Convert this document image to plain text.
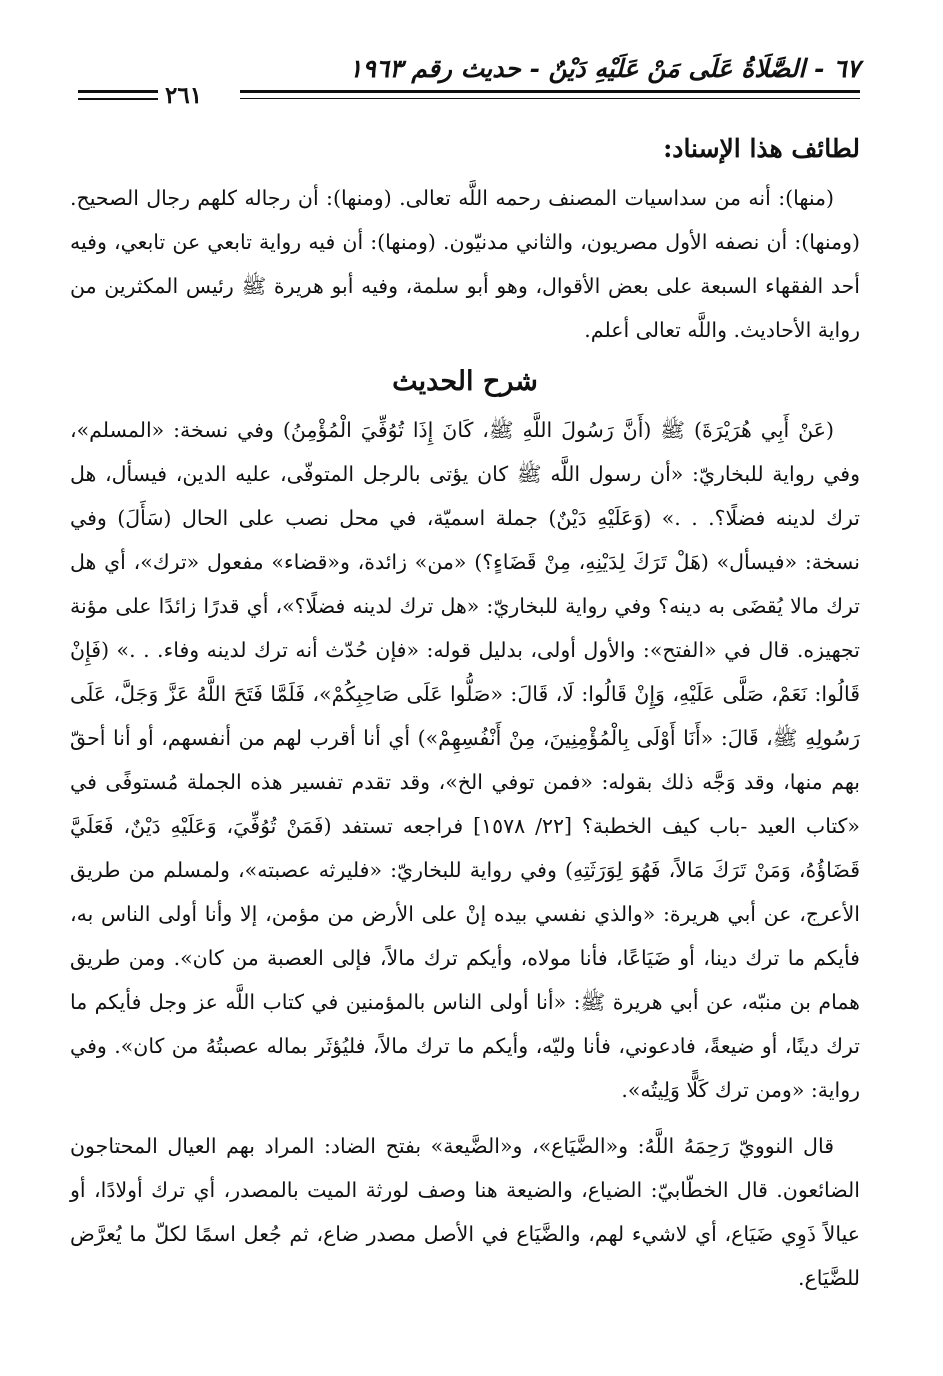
٦٧ - الصَّلَاةُ عَلَى مَنْ عَلَيْهِ دَيْنٌ - حديث رقم ١٩٦٣
٢٦١
لطائف هذا الإسناد:

(منها): أنه من سداسيات المصنف رحمه اللَّه تعالى. (ومنها): أن رجاله كلهم رجال الصحيح. (ومنها): أن نصفه الأول مصريون، والثاني مدنيّون. (ومنها): أن فيه رواية تابعي عن تابعي، وفيه أحد الفقهاء السبعة على بعض الأقوال، وهو أبو سلمة، وفيه أبو هريرة ﷺ رئيس المكثرين من رواية الأحاديث. واللَّه تعالى أعلم.

شرح الحديث

(عَنْ أَبِي هُرَيْرَةَ) ﷺ (أَنَّ رَسُولَ اللَّهِ ﷺ، كَانَ إِذَا تُوُفِّيَ الْمُؤْمِنُ) وفي نسخة: «المسلم»، وفي رواية للبخاريّ: «أن رسول اللَّه ﷺ كان يؤتى بالرجل المتوفّى، عليه الدين، فيسأل، هل ترك لدينه فضلًا؟. . .» (وَعَلَيْهِ دَيْنٌ) جملة اسميّة، في محل نصب على الحال (سَأَلَ) وفي نسخة: «فيسأل» (هَلْ تَرَكَ لِدَيْنِهِ، مِنْ قَضَاءٍ؟) «من» زائدة، و«قضاء» مفعول «ترك»، أي هل ترك مالا يُقضَى به دينه؟ وفي رواية للبخاريّ: «هل ترك لدينه فضلًا؟»، أي قدرًا زائدًا على مؤنة تجهيزه. قال في «الفتح»: والأول أولى، بدليل قوله: «فإن حُدّث أنه ترك لدينه وفاء. . .» (فَإِنْ قَالُوا: نَعَمْ، صَلَّى عَلَيْهِ، وَإِنْ قَالُوا: لَا، قَالَ: «صَلُّوا عَلَى صَاحِبِكُمْ»، فَلَمَّا فَتَحَ اللَّهُ عَزَّ وَجَلَّ، عَلَى رَسُولِهِ ﷺ، قَالَ: «أَنَا أَوْلَى بِالْمُؤْمِنِينَ، مِنْ أَنْفُسِهِمْ») أي أنا أقرب لهم من أنفسهم، أو أنا أحقّ بهم منها، وقد وَجَّه ذلك بقوله: «فمن توفي الخ»، وقد تقدم تفسير هذه الجملة مُستوفًى في «كتاب العيد -باب كيف الخطبة؟ [٢٢/ ١٥٧٨] فراجعه تستفد (فَمَنْ تُوُفِّيَ، وَعَلَيْهِ دَيْنٌ، فَعَلَيَّ قَضَاؤُهُ، وَمَنْ تَرَكَ مَالاً، فَهُوَ لِوَرَثَتِهِ) وفي رواية للبخاريّ: «فليرثه عصبته»، ولمسلم من طريق الأعرج، عن أبي هريرة: «والذي نفسي بيده إنْ على الأرض من مؤمن، إلا وأنا أولى الناس به، فأيكم ما ترك دينا، أو ضَيَاعًا، فأنا مولاه، وأيكم ترك مالاً، فإلى العصبة من كان». ومن طريق همام بن منبّه، عن أبي هريرة ﷺ: «أنا أولى الناس بالمؤمنين في كتاب اللَّه عز وجل فأيكم ما ترك دينًا، أو ضيعةً، فادعوني، فأنا وليّه، وأيكم ما ترك مالاً، فليُؤثَر بماله عصبتُهُ من كان». وفي رواية: «ومن ترك كَلًّا وَلِيتُه».

قال النوويّ رَحِمَهُ اللَّهُ: و«الضَّيَاع»، و«الضَّيعة» بفتح الضاد: المراد بهم العيال المحتاجون الضائعون. قال الخطّابيّ: الضياع، والضيعة هنا وصف لورثة الميت بالمصدر، أي ترك أولادًا، أو عيالاً ذَوِي ضَيَاع، أي لاشيء لهم، والضَّيَاع في الأصل مصدر ضاع، ثم جُعل اسمًا لكلّ ما يُعرَّض للضَّيَاع.
